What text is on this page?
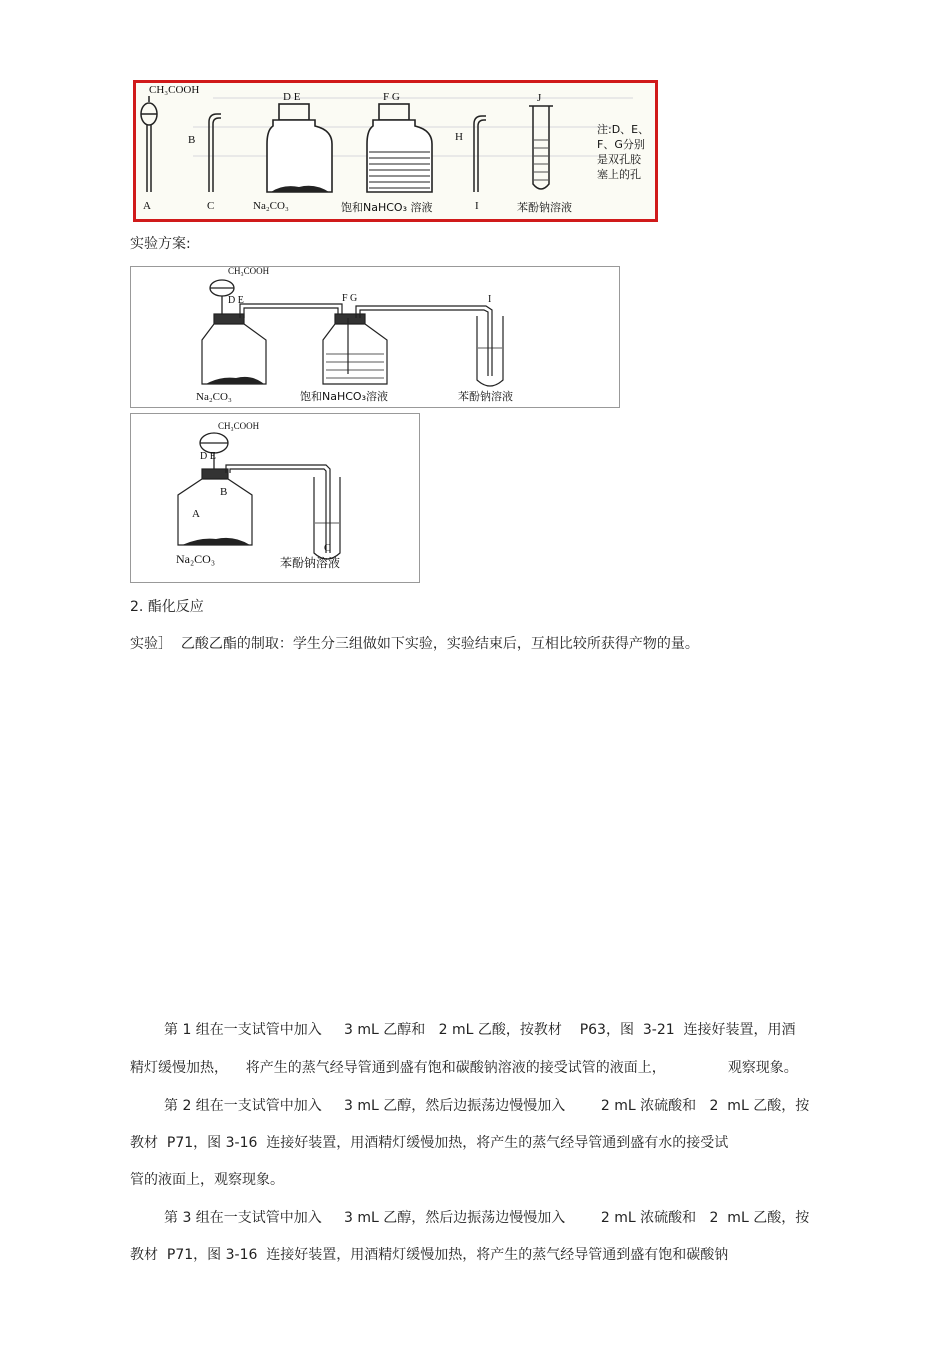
CH₃COOH
A
B
C
D E
Na₂CO₃
F G
饱和NaHCO₃ 溶液
H
I
J
苯酚钠溶液
注:D、E、
F、G分别
是双孔胶
塞上的孔
实验方案:
CH₃COOH
D E
Na₂CO₃
F G
饱和NaHCO₃溶液
I
苯酚钠溶液
CH₃COOH
D E
A
B
Na₂CO₃
C
苯酚钠溶液
2. 酯化反应
实验］  乙酸乙酯的制取：学生分三组做如下实验，实验结束后，互相比较所获得产物的量。
第 1 组在一支试管中加入     3 mL 乙醇和   2 mL 乙酸，按教材    P63，图  3-21  连接好装置，用酒
精灯缓慢加热，    将产生的蒸气经导管通到盛有饱和碳酸钠溶液的接受试管的液面上，	观察现象。
第 2 组在一支试管中加入     3 mL 乙醇，然后边振荡边慢慢加入        2 mL 浓硫酸和   2  mL 乙酸，按
教材  P71，图 3-16  连接好装置，用酒精灯缓慢加热，将产生的蒸气经导管通到盛有水的接受试
管的液面上，观察现象。
第 3 组在一支试管中加入     3 mL 乙醇，然后边振荡边慢慢加入        2 mL 浓硫酸和   2  mL 乙酸，按
教材  P71，图 3-16  连接好装置，用酒精灯缓慢加热，将产生的蒸气经导管通到盛有饱和碳酸钠
